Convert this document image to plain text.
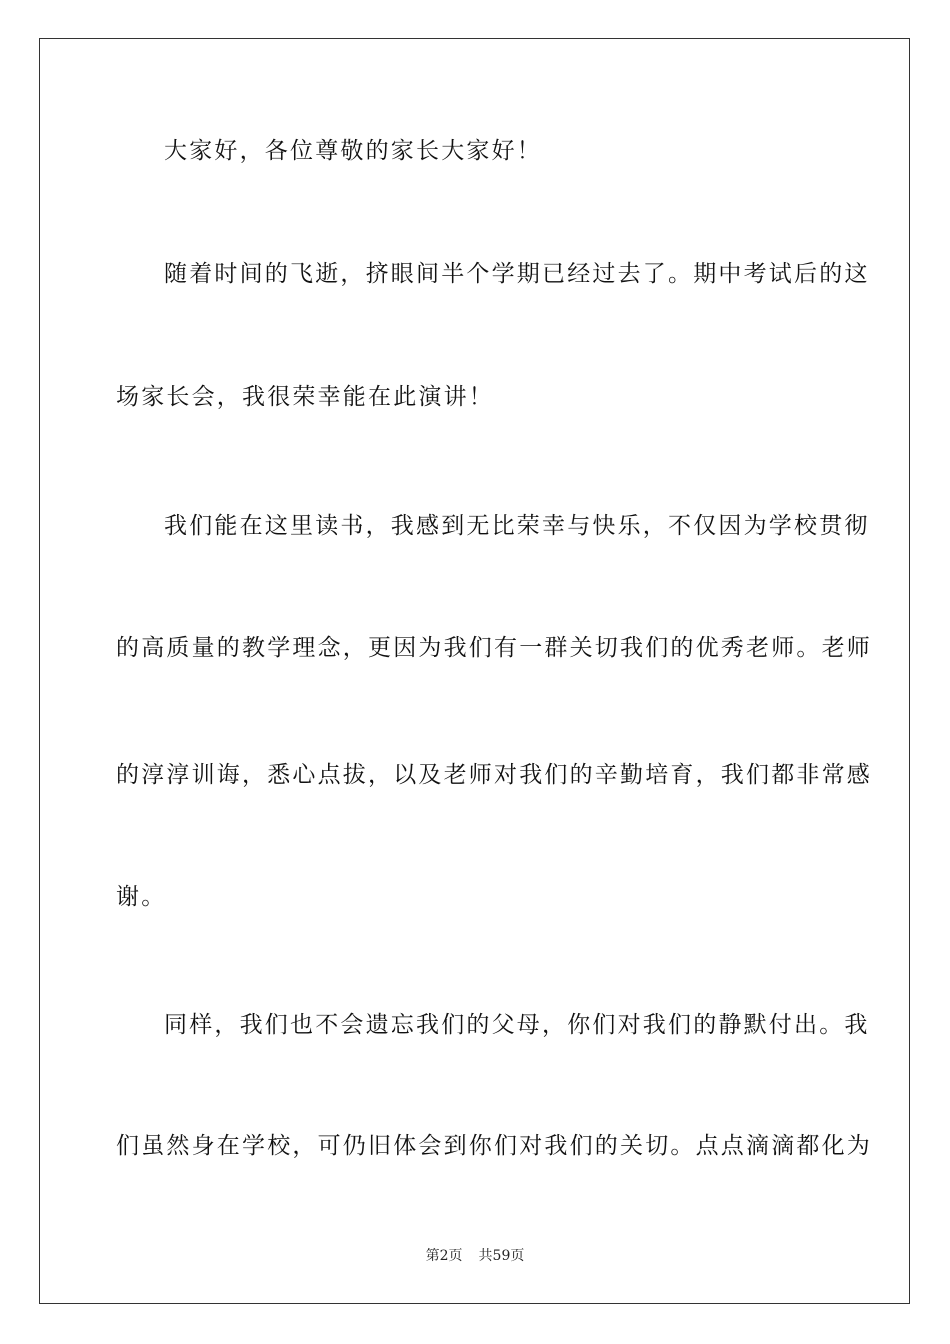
大家好，各位尊敬的家长大家好！
随着时间的飞逝，挤眼间半个学期已经过去了。期中考试后的这
场家长会，我很荣幸能在此演讲！
我们能在这里读书，我感到无比荣幸与快乐，不仅因为学校贯彻
的高质量的教学理念，更因为我们有一群关切我们的优秀老师。老师
的淳淳训诲，悉心点拔，以及老师对我们的辛勤培育，我们都非常感
谢。
同样，我们也不会遗忘我们的父母，你们对我们的静默付出。我
们虽然身在学校，可仍旧体会到你们对我们的关切。点点滴滴都化为
第2页 共59页
